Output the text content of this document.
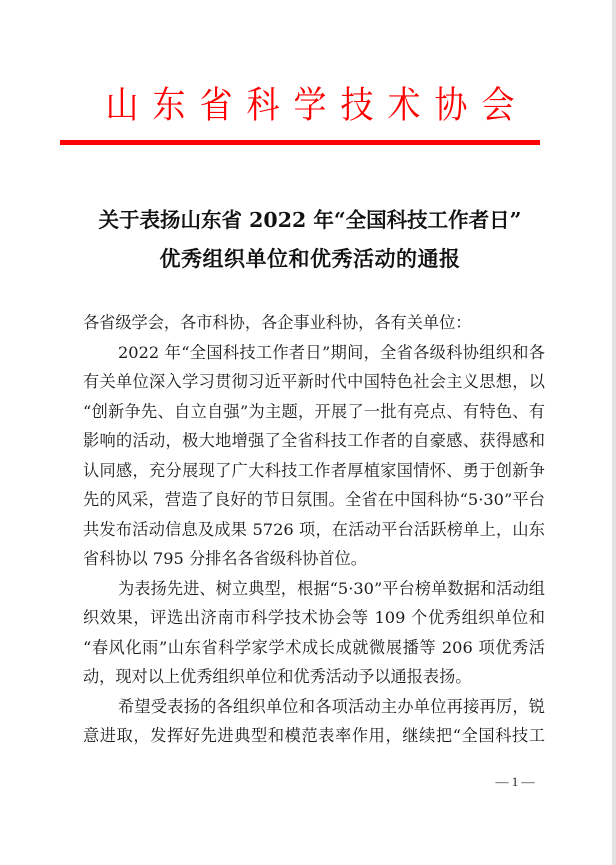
山 东 省 科 学 技 术 协 会
关于表扬山东省 2022 年“全国科技工作者日”
优秀组织单位和优秀活动的通报
各省级学会，各市科协，各企事业科协，各有关单位：
2022 年“全国科技工作者日”期间，全省各级科协组织和各
有关单位深入学习贯彻习近平新时代中国特色社会主义思想，以
“创新争先、自立自强”为主题，开展了一批有亮点、有特色、有
影响的活动，极大地增强了全省科技工作者的自豪感、获得感和
认同感，充分展现了广大科技工作者厚植家国情怀、勇于创新争
先的风采，营造了良好的节日氛围。全省在中国科协“5·30”平台
共发布活动信息及成果 5726 项，在活动平台活跃榜单上，山东
省科协以 795 分排名各省级科协首位。
为表扬先进、树立典型，根据“5·30”平台榜单数据和活动组
织效果，评选出济南市科学技术协会等 109 个优秀组织单位和
“春风化雨”山东省科学家学术成长成就微展播等 206 项优秀活
动，现对以上优秀组织单位和优秀活动予以通报表扬。
希望受表扬的各组织单位和各项活动主办单位再接再厉，锐
意进取，发挥好先进典型和模范表率作用，继续把“全国科技工
— 1 —
